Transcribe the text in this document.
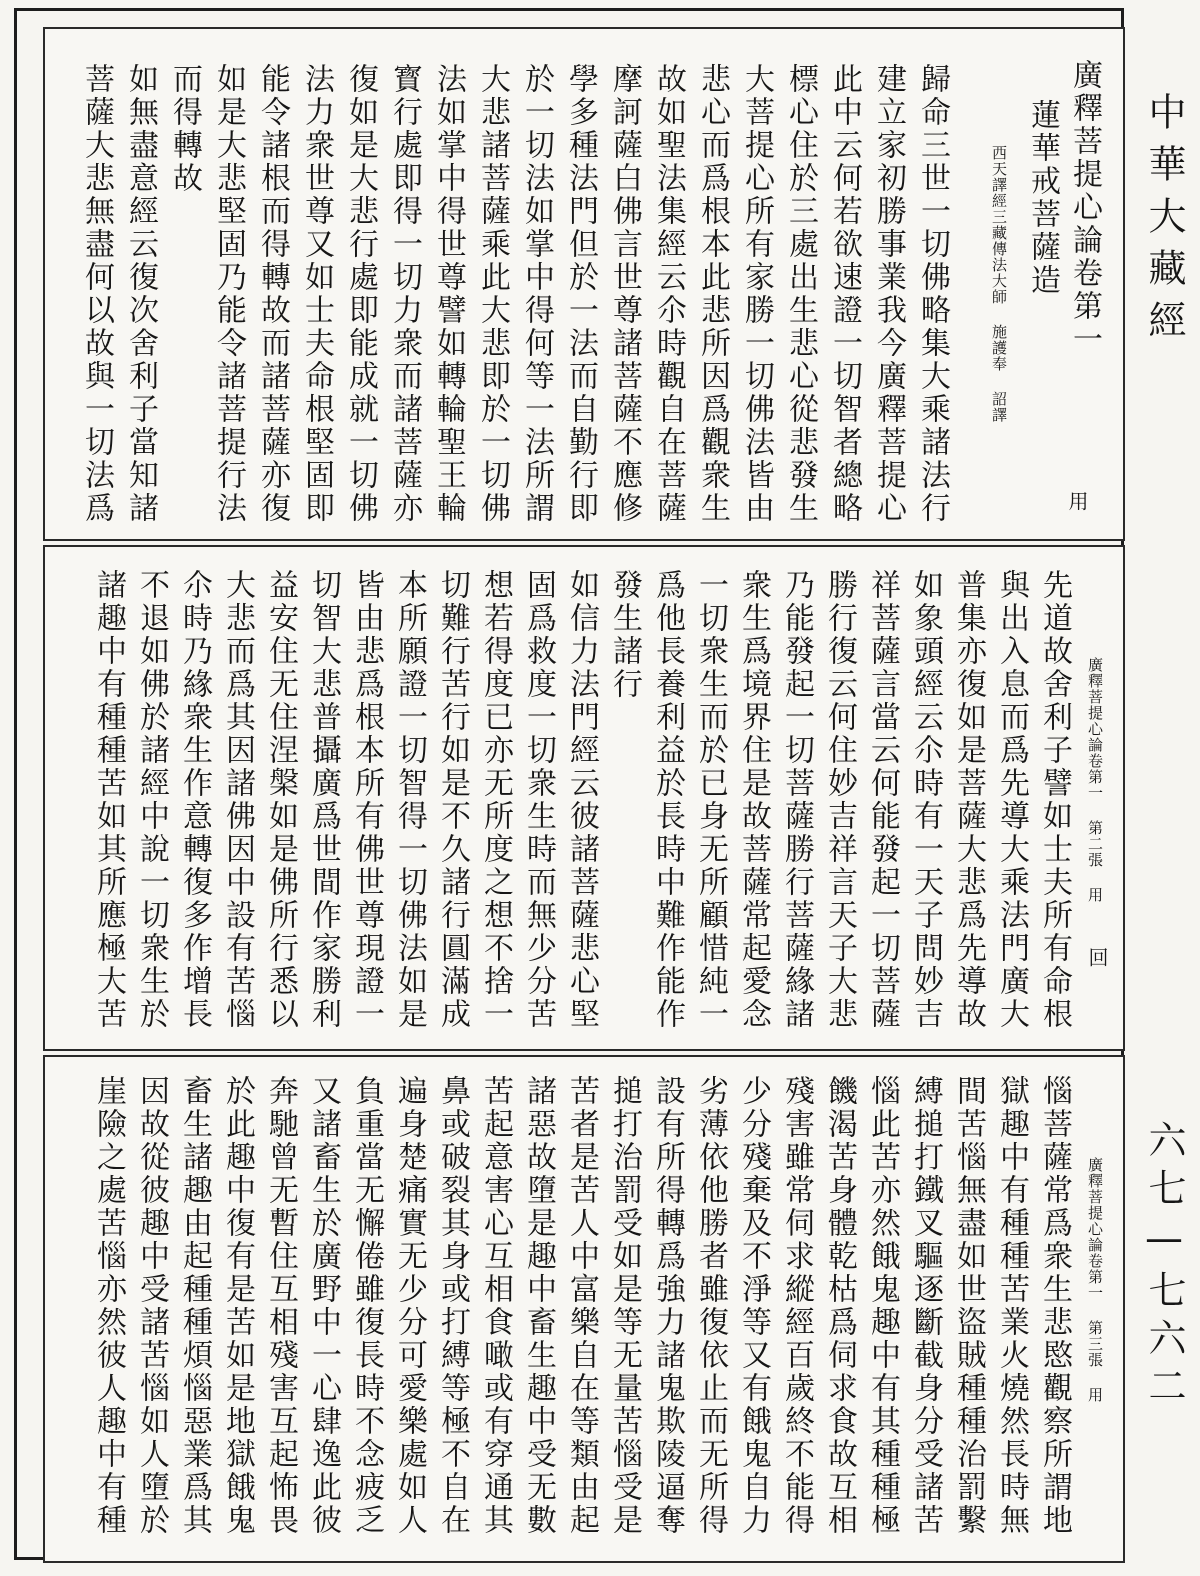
廣釋菩提心論卷第一
蓮華戒菩薩造
西天譯經三藏傳法大師 施護奉 詔譯
用
歸命三世一切佛略集大乘諸法行
建立家初勝事業我今廣釋菩提心
此中云何若欲速證一切智者總略
標心住於三處出生悲心從悲發生
大菩提心所有家勝一切佛法皆由
悲心而爲根本此悲所因爲觀衆生
故如聖法集經云尒時觀自在菩薩
摩訶薩白佛言世尊諸菩薩不應修
學多種法門但於一法而自勤行即
於一切法如掌中得何等一法所謂
大悲諸菩薩乘此大悲即於一切佛
法如掌中得世尊譬如轉輪聖王輪
寳行處即得一切力衆而諸菩薩亦
復如是大悲行處即能成就一切佛
法力衆世尊又如士夫命根堅固即
能令諸根而得轉故而諸菩薩亦復
如是大悲堅固乃能令諸菩提行法
而得轉故
如無盡意經云復次舍利子當知諸
菩薩大悲無盡何以故與一切法爲
廣釋菩提心論卷第一 第二張 用
回
先道故舍利子譬如士夫所有命根
與出入息而爲先導大乘法門廣大
普集亦復如是菩薩大悲爲先導故
如象頭經云尒時有一天子問妙吉
祥菩薩言當云何能發起一切菩薩
勝行復云何住妙吉祥言天子大悲
乃能發起一切菩薩勝行菩薩緣諸
衆生爲境界住是故菩薩常起愛念
一切衆生而於已身无所顧惜純一
爲他長養利益於長時中難作能作
發生諸行
如信力法門經云彼諸菩薩悲心堅
固爲救度一切衆生時而無少分苦
想若得度已亦无所度之想不捨一
切難行苦行如是不久諸行圓滿成
本所願證一切智得一切佛法如是
皆由悲爲根本所有佛世尊現證一
切智大悲普攝廣爲世間作家勝利
益安住无住涅槃如是佛所行悉以
大悲而爲其因諸佛因中設有苦惱
尒時乃緣衆生作意轉復多作增長
不退如佛於諸經中說一切衆生於
諸趣中有種種苦如其所應極大苦
廣釋菩提心論卷第一 第三張 用
惱菩薩常爲衆生悲愍觀察所謂地
獄趣中有種種苦業火燒然長時無
間苦惱無盡如世盜賊種種治罰繫
縛搥打鐵叉驅逐斷截身分受諸苦
惱此苦亦然餓鬼趣中有其種種極
饑渴苦身體乾枯爲伺求食故互相
殘害雖常伺求縱經百歲終不能得
少分殘棄及不淨等又有餓鬼自力
劣薄依他勝者雖復依止而无所得
設有所得轉爲強力諸鬼欺陵逼奪
搥打治罰受如是等无量苦惱受是
苦者是苦人中富樂自在等類由起
諸惡故墮是趣中畜生趣中受无數
苦起意害心互相食噉或有穿通其
鼻或破裂其身或打縛等極不自在
遍身楚痛實无少分可愛樂處如人
負重當无懈倦雖復長時不念疲乏
又諸畜生於廣野中一心肆逸此彼
奔馳曾无暫住互相殘害互起怖畏
於此趣中復有是苦如是地獄餓鬼
畜生諸趣由起種種煩惱惡業爲其
因故從彼趣中受諸苦惱如人墮於
崖險之處苦惱亦然彼人趣中有種
中華大藏經
六七—七六二
